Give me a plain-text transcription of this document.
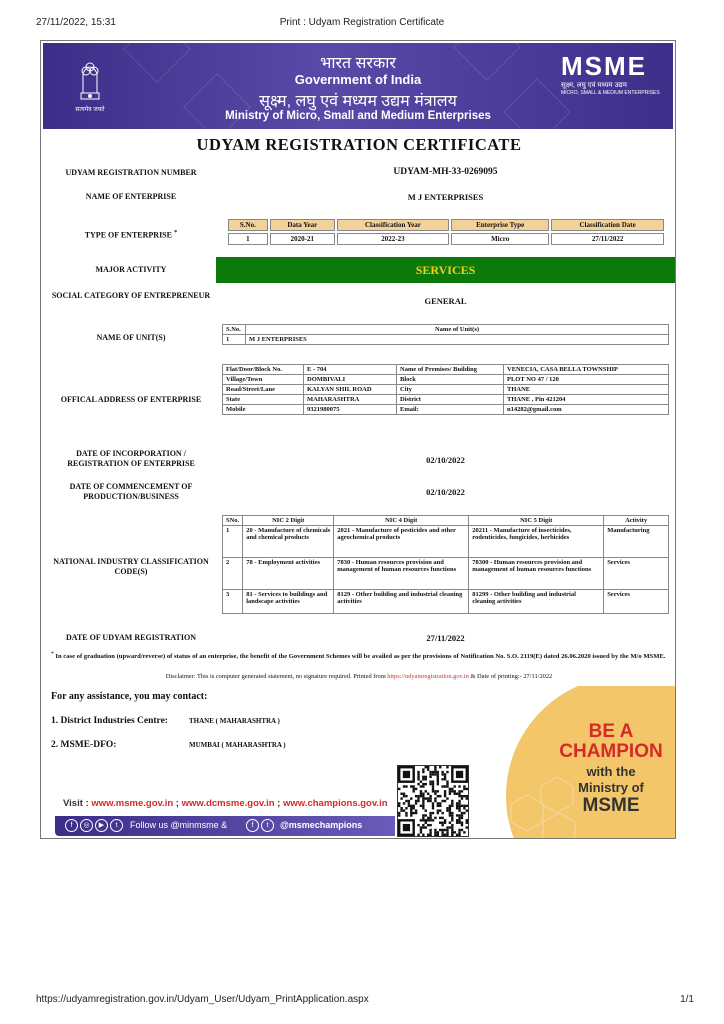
27/11/2022, 15:31	Print : Udyam Registration Certificate
सत्यमेव जयते
भारत सरकार
Government of India
सूक्ष्म, लघु एवं मध्यम उद्यम मंत्रालय
Ministry of Micro, Small and Medium Enterprises
MSME
सूक्ष्म, लघु एवं मध्यम उद्यम
MICRO, SMALL & MEDIUM ENTERPRISES
UDYAM REGISTRATION CERTIFICATE
UDYAM REGISTRATION NUMBER	UDYAM-MH-33-0269095
NAME OF ENTERPRISE	M J ENTERPRISES
TYPE OF ENTERPRISE *
S.No.	Data Year	Classification Year	Enterprise Type	Classification Date
1	2020-21	2022-23	Micro	27/11/2022
MAJOR ACTIVITY	SERVICES
SOCIAL CATEGORY OF ENTREPRENEUR
GENERAL
NAME OF UNIT(S)
S.No.	Name of Unit(s)
1	M J ENTERPRISES
OFFICAL ADDRESS OF ENTERPRISE
Flat/Door/Block No.	E - 704	Name of Premises/ Building	VENECIA, CASA BELLA TOWNSHIP
Village/Town	DOMBIVALI	Block	PLOT NO 47 / 120
Road/Street/Lane	KALYAN SHIL ROAD	City	THANE
State	MAHARASHTRA	District	THANE , Pin 421204
Mobile	9321980075	Email:	n14282@gmail.com
DATE OF INCORPORATION / REGISTRATION OF ENTERPRISE	02/10/2022
DATE OF COMMENCEMENT OF PRODUCTION/BUSINESS	02/10/2022
NATIONAL INDUSTRY CLASSIFICATION CODE(S)
SNo.	NIC 2 Digit	NIC 4 Digit	NIC 5 Digit	Activity
1	20 - Manufacture of chemicals and chemical products	2021 - Manufacture of pesticides and other agrochemical products	20211 - Manufacture of insecticides, rodenticides, fungicides, herbicides	Manufacturing
2	78 - Employment activities	7830 - Human resources provision and management of human resources functions	78300 - Human resources provision and management of human resources functions	Services
3	81 - Services to buildings and landscape activities	8129 - Other building and industrial cleaning activities	81299 - Other building and industrial cleaning activities	Services
DATE OF UDYAM REGISTRATION	27/11/2022
* In case of graduation (upward/reverse) of status of an enterprise, the benefit of the Government Schemes will be availed as per the provisions of Notification No. S.O. 2119(E) dated 26.06.2020 issued by the M/o MSME.
Disclaimer: This is computer generated statement, no signature required. Printed from https://udyamregistration.gov.in & Date of printing:- 27/11/2022
For any assistance, you may contact:
1. District Industries Centre:	THANE ( MAHARASHTRA )
2. MSME-DFO:	MUMBAI ( MAHARASHTRA )
BE A
CHAMPION
with the
Ministry of
MSME
Visit : www.msme.gov.in ; www.dcmsme.gov.in ; www.champions.gov.in
f	◎	▶	t	Follow us @minmsme &	f	t	@msmechampions
https://udyamregistration.gov.in/Udyam_User/Udyam_PrintApplication.aspx	1/1
